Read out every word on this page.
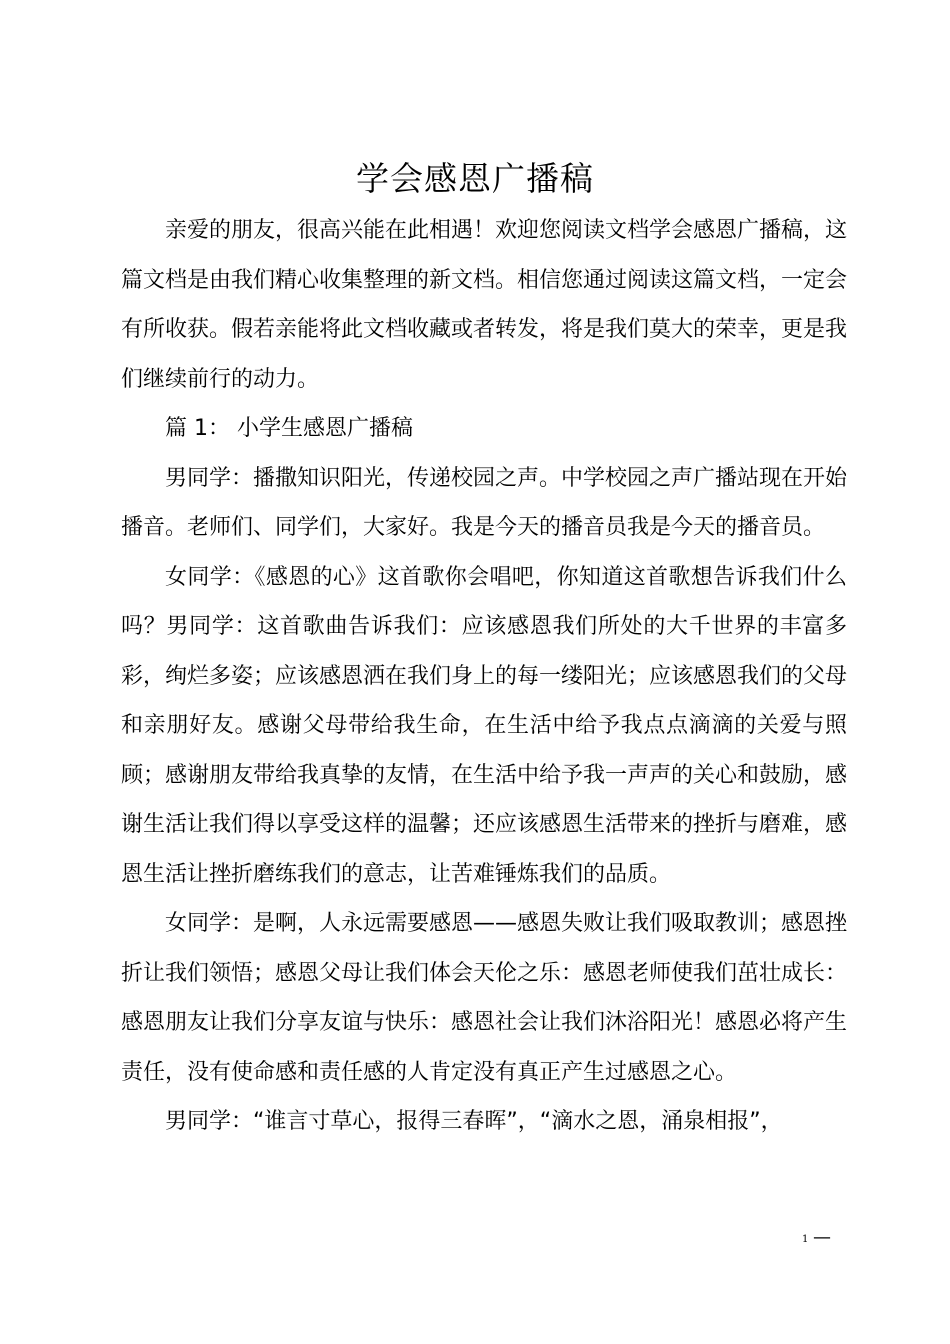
学会感恩广播稿

亲爱的朋友，很高兴能在此相遇！欢迎您阅读文档学会感恩广播稿，这篇文档是由我们精心收集整理的新文档。相信您通过阅读这篇文档，一定会有所收获。假若亲能将此文档收藏或者转发，将是我们莫大的荣幸，更是我们继续前行的动力。

篇 1： 小学生感恩广播稿

男同学：播撒知识阳光，传递校园之声。中学校园之声广播站现在开始播音。老师们、同学们，大家好。我是今天的播音员我是今天的播音员。

女同学：《感恩的心》这首歌你会唱吧，你知道这首歌想告诉我们什么吗？男同学：这首歌曲告诉我们：应该感恩我们所处的大千世界的丰富多彩，绚烂多姿；应该感恩洒在我们身上的每一缕阳光；应该感恩我们的父母和亲朋好友。感谢父母带给我生命，在生活中给予我点点滴滴的关爱与照顾；感谢朋友带给我真挚的友情，在生活中给予我一声声的关心和鼓励，感谢生活让我们得以享受这样的温馨；还应该感恩生活带来的挫折与磨难，感恩生活让挫折磨练我们的意志，让苦难锤炼我们的品质。

女同学：是啊，人永远需要感恩——感恩失败让我们吸取教训；感恩挫折让我们领悟；感恩父母让我们体会天伦之乐：感恩老师使我们茁壮成长：感恩朋友让我们分享友谊与快乐：感恩社会让我们沐浴阳光！感恩必将产生责任，没有使命感和责任感的人肯定没有真正产生过感恩之心。

男同学：“谁言寸草心，报得三春晖”，“滴水之恩，涌泉相报”，

1 —
